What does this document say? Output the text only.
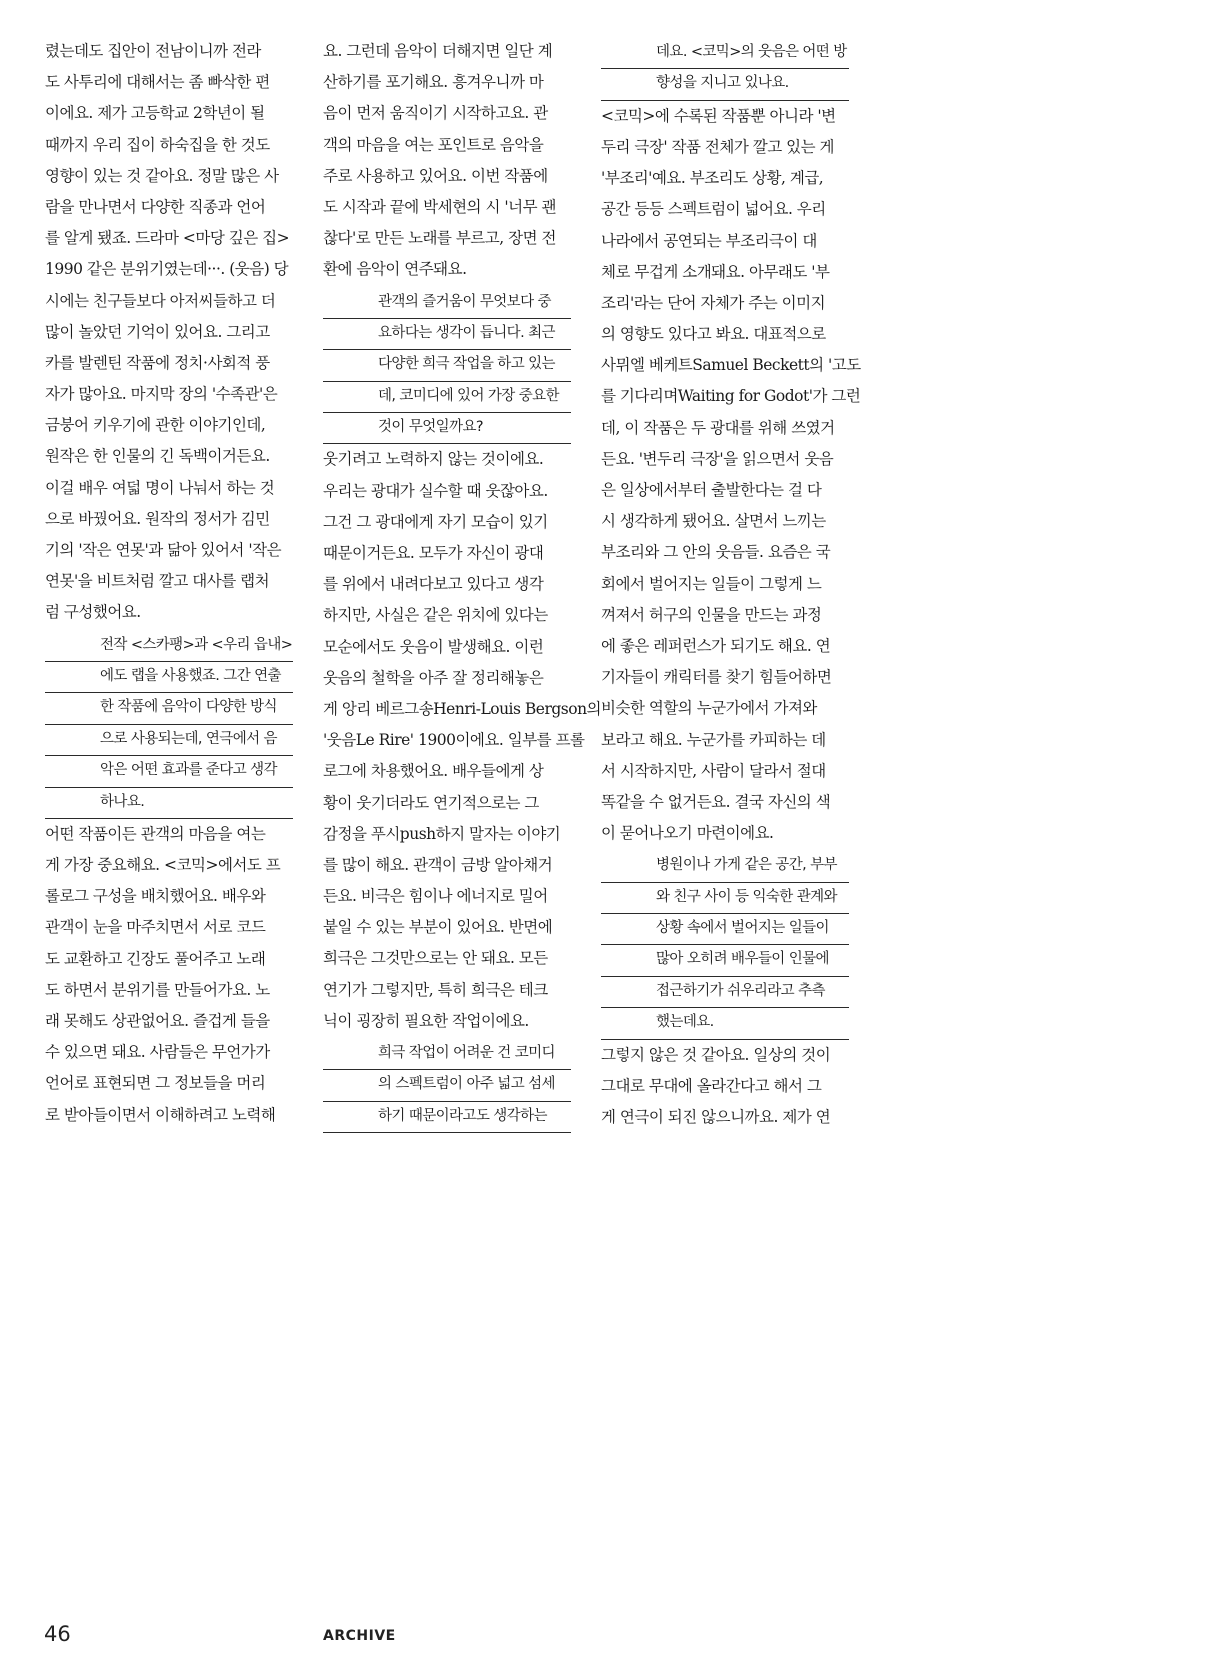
렸는데도 집안이 전남이니까 전라
도 사투리에 대해서는 좀 빠삭한 편
이에요. 제가 고등학교 2학년이 될
때까지 우리 집이 하숙집을 한 것도
영향이 있는 것 같아요. 정말 많은 사
람을 만나면서 다양한 직종과 언어
를 알게 됐죠. 드라마 <마당 깊은 집>
1990 같은 분위기였는데···. (웃음) 당
시에는 친구들보다 아저씨들하고 더
많이 놀았던 기억이 있어요. 그리고
카를 발렌틴 작품에 정치·사회적 풍
자가 많아요. 마지막 장의 '수족관'은
금붕어 키우기에 관한 이야기인데,
원작은 한 인물의 긴 독백이거든요.
이걸 배우 여덟 명이 나눠서 하는 것
으로 바꿨어요. 원작의 정서가 김민
기의 '작은 연못'과 닮아 있어서 '작은
연못'을 비트처럼 깔고 대사를 랩처
럼 구성했어요.
전작 <스카팽>과 <우리 읍내>
에도 랩을 사용했죠. 그간 연출
한 작품에 음악이 다양한 방식
으로 사용되는데, 연극에서 음
악은 어떤 효과를 준다고 생각
하나요.
어떤 작품이든 관객의 마음을 여는
게 가장 중요해요. <코믹>에서도 프
롤로그 구성을 배치했어요. 배우와
관객이 눈을 마주치면서 서로 코드
도 교환하고 긴장도 풀어주고 노래
도 하면서 분위기를 만들어가요. 노
래 못해도 상관없어요. 즐겁게 들을
수 있으면 돼요. 사람들은 무언가가
언어로 표현되면 그 정보들을 머리
로 받아들이면서 이해하려고 노력해
요. 그런데 음악이 더해지면 일단 계
산하기를 포기해요. 흥겨우니까 마
음이 먼저 움직이기 시작하고요. 관
객의 마음을 여는 포인트로 음악을
주로 사용하고 있어요. 이번 작품에
도 시작과 끝에 박세현의 시 '너무 괜
찮다'로 만든 노래를 부르고, 장면 전
환에 음악이 연주돼요.
관객의 즐거움이 무엇보다 중
요하다는 생각이 듭니다. 최근
다양한 희극 작업을 하고 있는
데, 코미디에 있어 가장 중요한
것이 무엇일까요?
웃기려고 노력하지 않는 것이에요.
우리는 광대가 실수할 때 웃잖아요.
그건 그 광대에게 자기 모습이 있기
때문이거든요. 모두가 자신이 광대
를 위에서 내려다보고 있다고 생각
하지만, 사실은 같은 위치에 있다는
모순에서도 웃음이 발생해요. 이런
웃음의 철학을 아주 잘 정리해놓은
게 앙리 베르그송Henri-Louis Bergson의
'웃음Le Rire' 1900이에요. 일부를 프롤
로그에 차용했어요. 배우들에게 상
황이 웃기더라도 연기적으로는 그
감정을 푸시push하지 말자는 이야기
를 많이 해요. 관객이 금방 알아채거
든요. 비극은 힘이나 에너지로 밀어
붙일 수 있는 부분이 있어요. 반면에
희극은 그것만으로는 안 돼요. 모든
연기가 그렇지만, 특히 희극은 테크
닉이 굉장히 필요한 작업이에요.
희극 작업이 어려운 건 코미디
의 스펙트럼이 아주 넓고 섬세
하기 때문이라고도 생각하는
데요. <코믹>의 웃음은 어떤 방
향성을 지니고 있나요.
<코믹>에 수록된 작품뿐 아니라 '변
두리 극장' 작품 전체가 깔고 있는 게
'부조리'예요. 부조리도 상황, 계급,
공간 등등 스펙트럼이 넓어요. 우리
나라에서 공연되는 부조리극이 대
체로 무겁게 소개돼요. 아무래도 '부
조리'라는 단어 자체가 주는 이미지
의 영향도 있다고 봐요. 대표적으로
사뮈엘 베케트Samuel Beckett의 '고도
를 기다리며Waiting for Godot'가 그런
데, 이 작품은 두 광대를 위해 쓰였거
든요. '변두리 극장'을 읽으면서 웃음
은 일상에서부터 출발한다는 걸 다
시 생각하게 됐어요. 살면서 느끼는
부조리와 그 안의 웃음들. 요즘은 국
회에서 벌어지는 일들이 그렇게 느
껴져서 허구의 인물을 만드는 과정
에 좋은 레퍼런스가 되기도 해요. 연
기자들이 캐릭터를 찾기 힘들어하면
비슷한 역할의 누군가에서 가져와
보라고 해요. 누군가를 카피하는 데
서 시작하지만, 사람이 달라서 절대
똑같을 수 없거든요. 결국 자신의 색
이 묻어나오기 마련이에요.
병원이나 가게 같은 공간, 부부
와 친구 사이 등 익숙한 관계와
상황 속에서 벌어지는 일들이
많아 오히려 배우들이 인물에
접근하기가 쉬우리라고 추측
했는데요.
그렇지 않은 것 같아요. 일상의 것이
그대로 무대에 올라간다고 해서 그
게 연극이 되진 않으니까요. 제가 연
46	ARCHIVE
